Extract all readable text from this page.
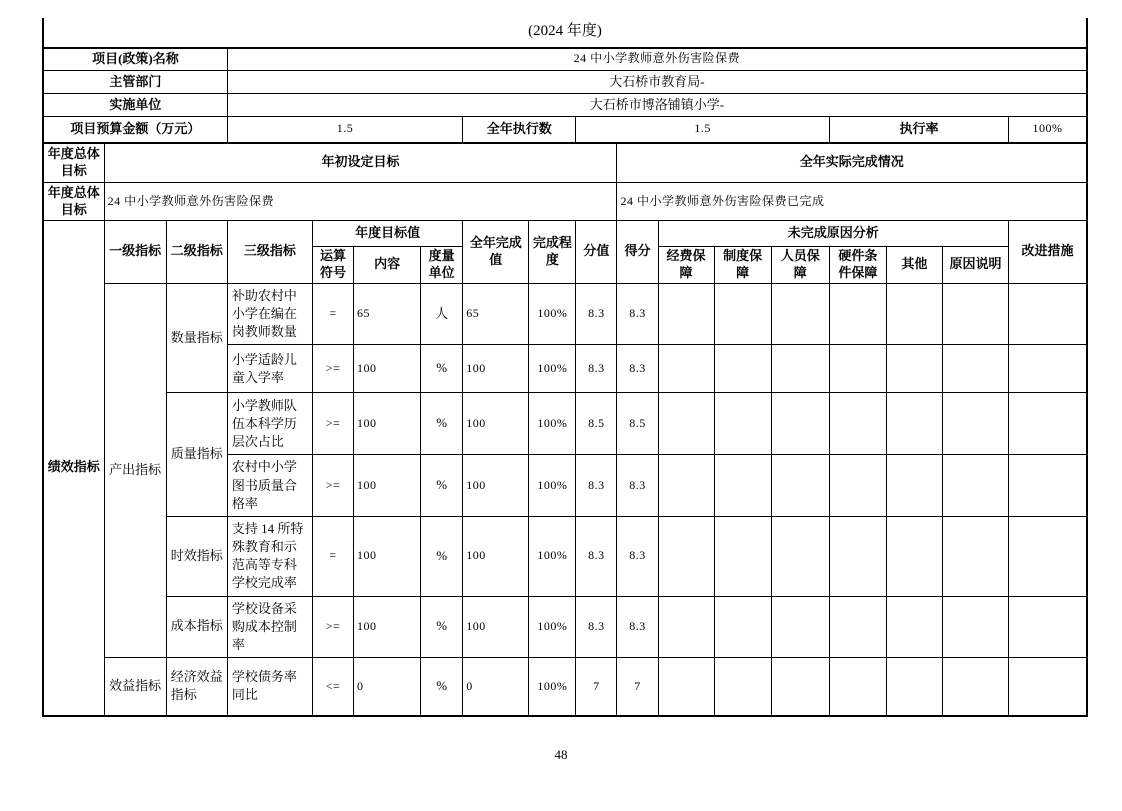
(2024 年度)																	
项目(政策)名称			24 中小学教师意外伤害险保费														
主管部门			大石桥市教育局-														
实施单位			大石桥市博洛铺镇小学-														
项目预算金额（万元）			1.5				全年执行数		1.5					执行率			100%
年度总体目标	年初设定目标									全年实际完成情况							
年度总体目标	24 中小学教师意外伤害险保费									24 中小学教师意外伤害险保费已完成							
绩效指标	一级指标	二级指标	三级指标	年度目标值			全年完成值	完成程度	分值	得分	未完成原因分析						改进措施
				运算符号	内容	度量单位					经费保障	制度保障	人员保障	硬件条件保障	其他	原因说明	
	产出指标	数量指标	补助农村中小学在编在岗教师数量	=	65	人	65	100%	8.3	8.3							
			小学适龄儿童入学率	>=	100	%	100	100%	8.3	8.3							
		质量指标	小学教师队伍本科学历层次占比	>=	100	%	100	100%	8.5	8.5							
			农村中小学图书质量合格率	>=	100	%	100	100%	8.3	8.3							
		时效指标	支持 14 所特殊教育和示范高等专科学校完成率	=	100	%	100	100%	8.3	8.3							
		成本指标	学校设备采购成本控制率	>=	100	%	100	100%	8.3	8.3							
	效益指标	经济效益指标	学校债务率同比	<=	0	%	0	100%	7	7							
48
